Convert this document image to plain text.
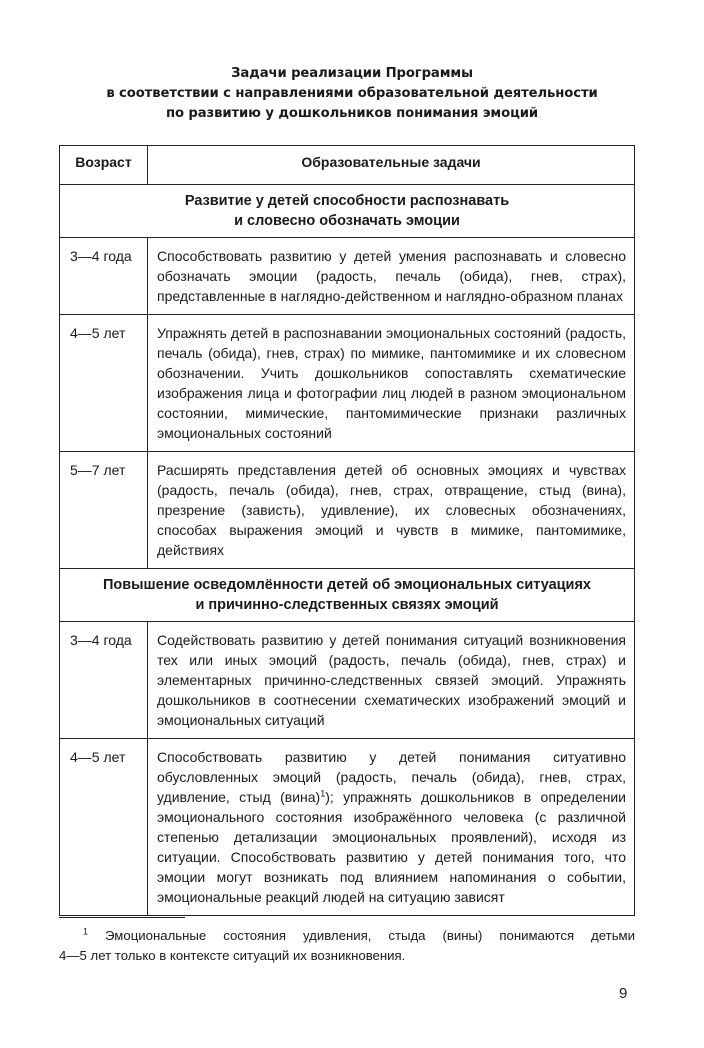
Задачи реализации Программы
в соответствии с направлениями образовательной деятельности
по развитию у дошкольников понимания эмоций
Возраст	Образовательные задачи

Развитие у детей способности распознавать
и словесно обозначать эмоции	

3—4 года	Способствовать развитию у детей умения распознавать и словесно обозначать эмоции (радость, печаль (обида), гнев, страх), представленные в наглядно-действенном и наглядно-образном планах
4—5 лет	Упражнять детей в распознавании эмоциональных состояний (радость, печаль (обида), гнев, страх) по мимике, пантомимике и их словесном обозначении. Учить дошкольников сопоставлять схематические изображения лица и фотографии лиц людей в разном эмоциональном состоянии, мимические, пантомимические признаки различных эмоциональных состояний
5—7 лет	Расширять представления детей об основных эмоциях и чувствах (радость, печаль (обида), гнев, страх, отвращение, стыд (вина), презрение (зависть), удивление), их словесных обозначениях, способах выражения эмоций и чувств в мимике, пантомимике, действиях

Повышение осведомлённости детей об эмоциональных ситуациях
и причинно-следственных связях эмоций	

3—4 года	Содействовать развитию у детей понимания ситуаций возникновения тех или иных эмоций (радость, печаль (обида), гнев, страх) и элементарных причинно-следственных связей эмоций. Упражнять дошкольников в соотнесении схематических изображений эмоций и эмоциональных ситуаций
4—5 лет	Способствовать развитию у детей понимания ситуативно обусловленных эмоций (радость, печаль (обида), гнев, страх, удивление, стыд (вина)$^1$); упражнять дошкольников в определении эмоционального состояния изображённого человека (с различной степенью детализации эмоциональных проявлений), исходя из ситуации. Способствовать развитию у детей понимания того, что эмоции могут возникать под влиянием напоминания о событии, эмоциональные реакций людей на ситуацию зависят
$^1$ Эмоциональные состояния удивления, стыда (вины) понимаются детьми
4—5 лет только в контексте ситуаций их возникновения.
9
